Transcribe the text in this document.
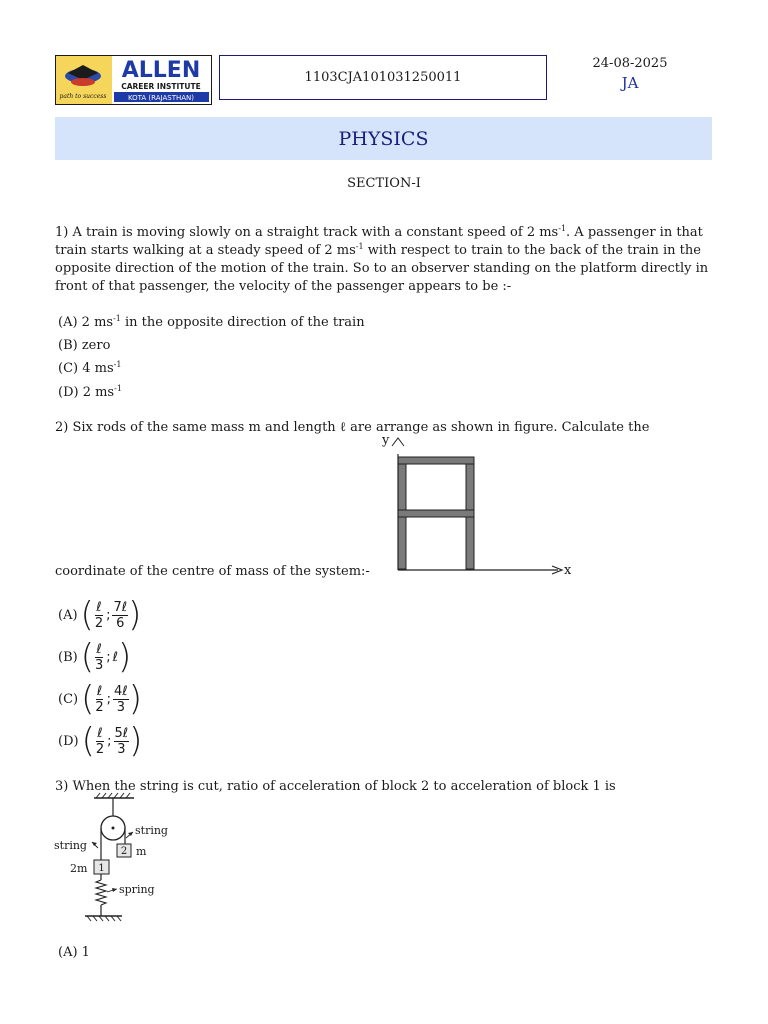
path to success
ALLEN
CAREER INSTITUTE
KOTA (RAJASTHAN)
1103CJA101031250011
24-08-2025
JA
PHYSICS
SECTION-I
1) A train is moving slowly on a straight track with a constant speed of 2 $ms^{-1}$. A passenger in that
train starts walking at a steady speed of 2 $ms^{-1}$ with respect to train to the back of the train in the
opposite direction of the motion of the train. So to an observer standing on the platform directly in
front of that passenger, the velocity of the passenger appears to be :-
(A) 2 $ms^{-1}$ in the opposite direction of the train
(B) zero
(C) 4 $ms^{-1}$
(D) 2 $ms^{-1}$
2) Six rods of the same mass m and length ℓ are arrange as shown in figure. Calculate the
x
y
coordinate of the centre of mass of the system:-
(A) ( $\frac{\text{ℓ}}{2}$ ; $\frac{\text{7ℓ}}{6}$ )
(B) ( $\frac{\text{ℓ}}{3}$ ; ℓ )
(C) ( $\frac{\text{ℓ}}{2}$ ; $\frac{\text{4ℓ}}{3}$ )
(D) ( $\frac{\text{ℓ}}{2}$ ; $\frac{\text{5ℓ}}{3}$ )
3) When the string is cut, ratio of acceleration of block 2 to acceleration of block 1 is
2
1
string
string
2m
m
spring
(A) 1
